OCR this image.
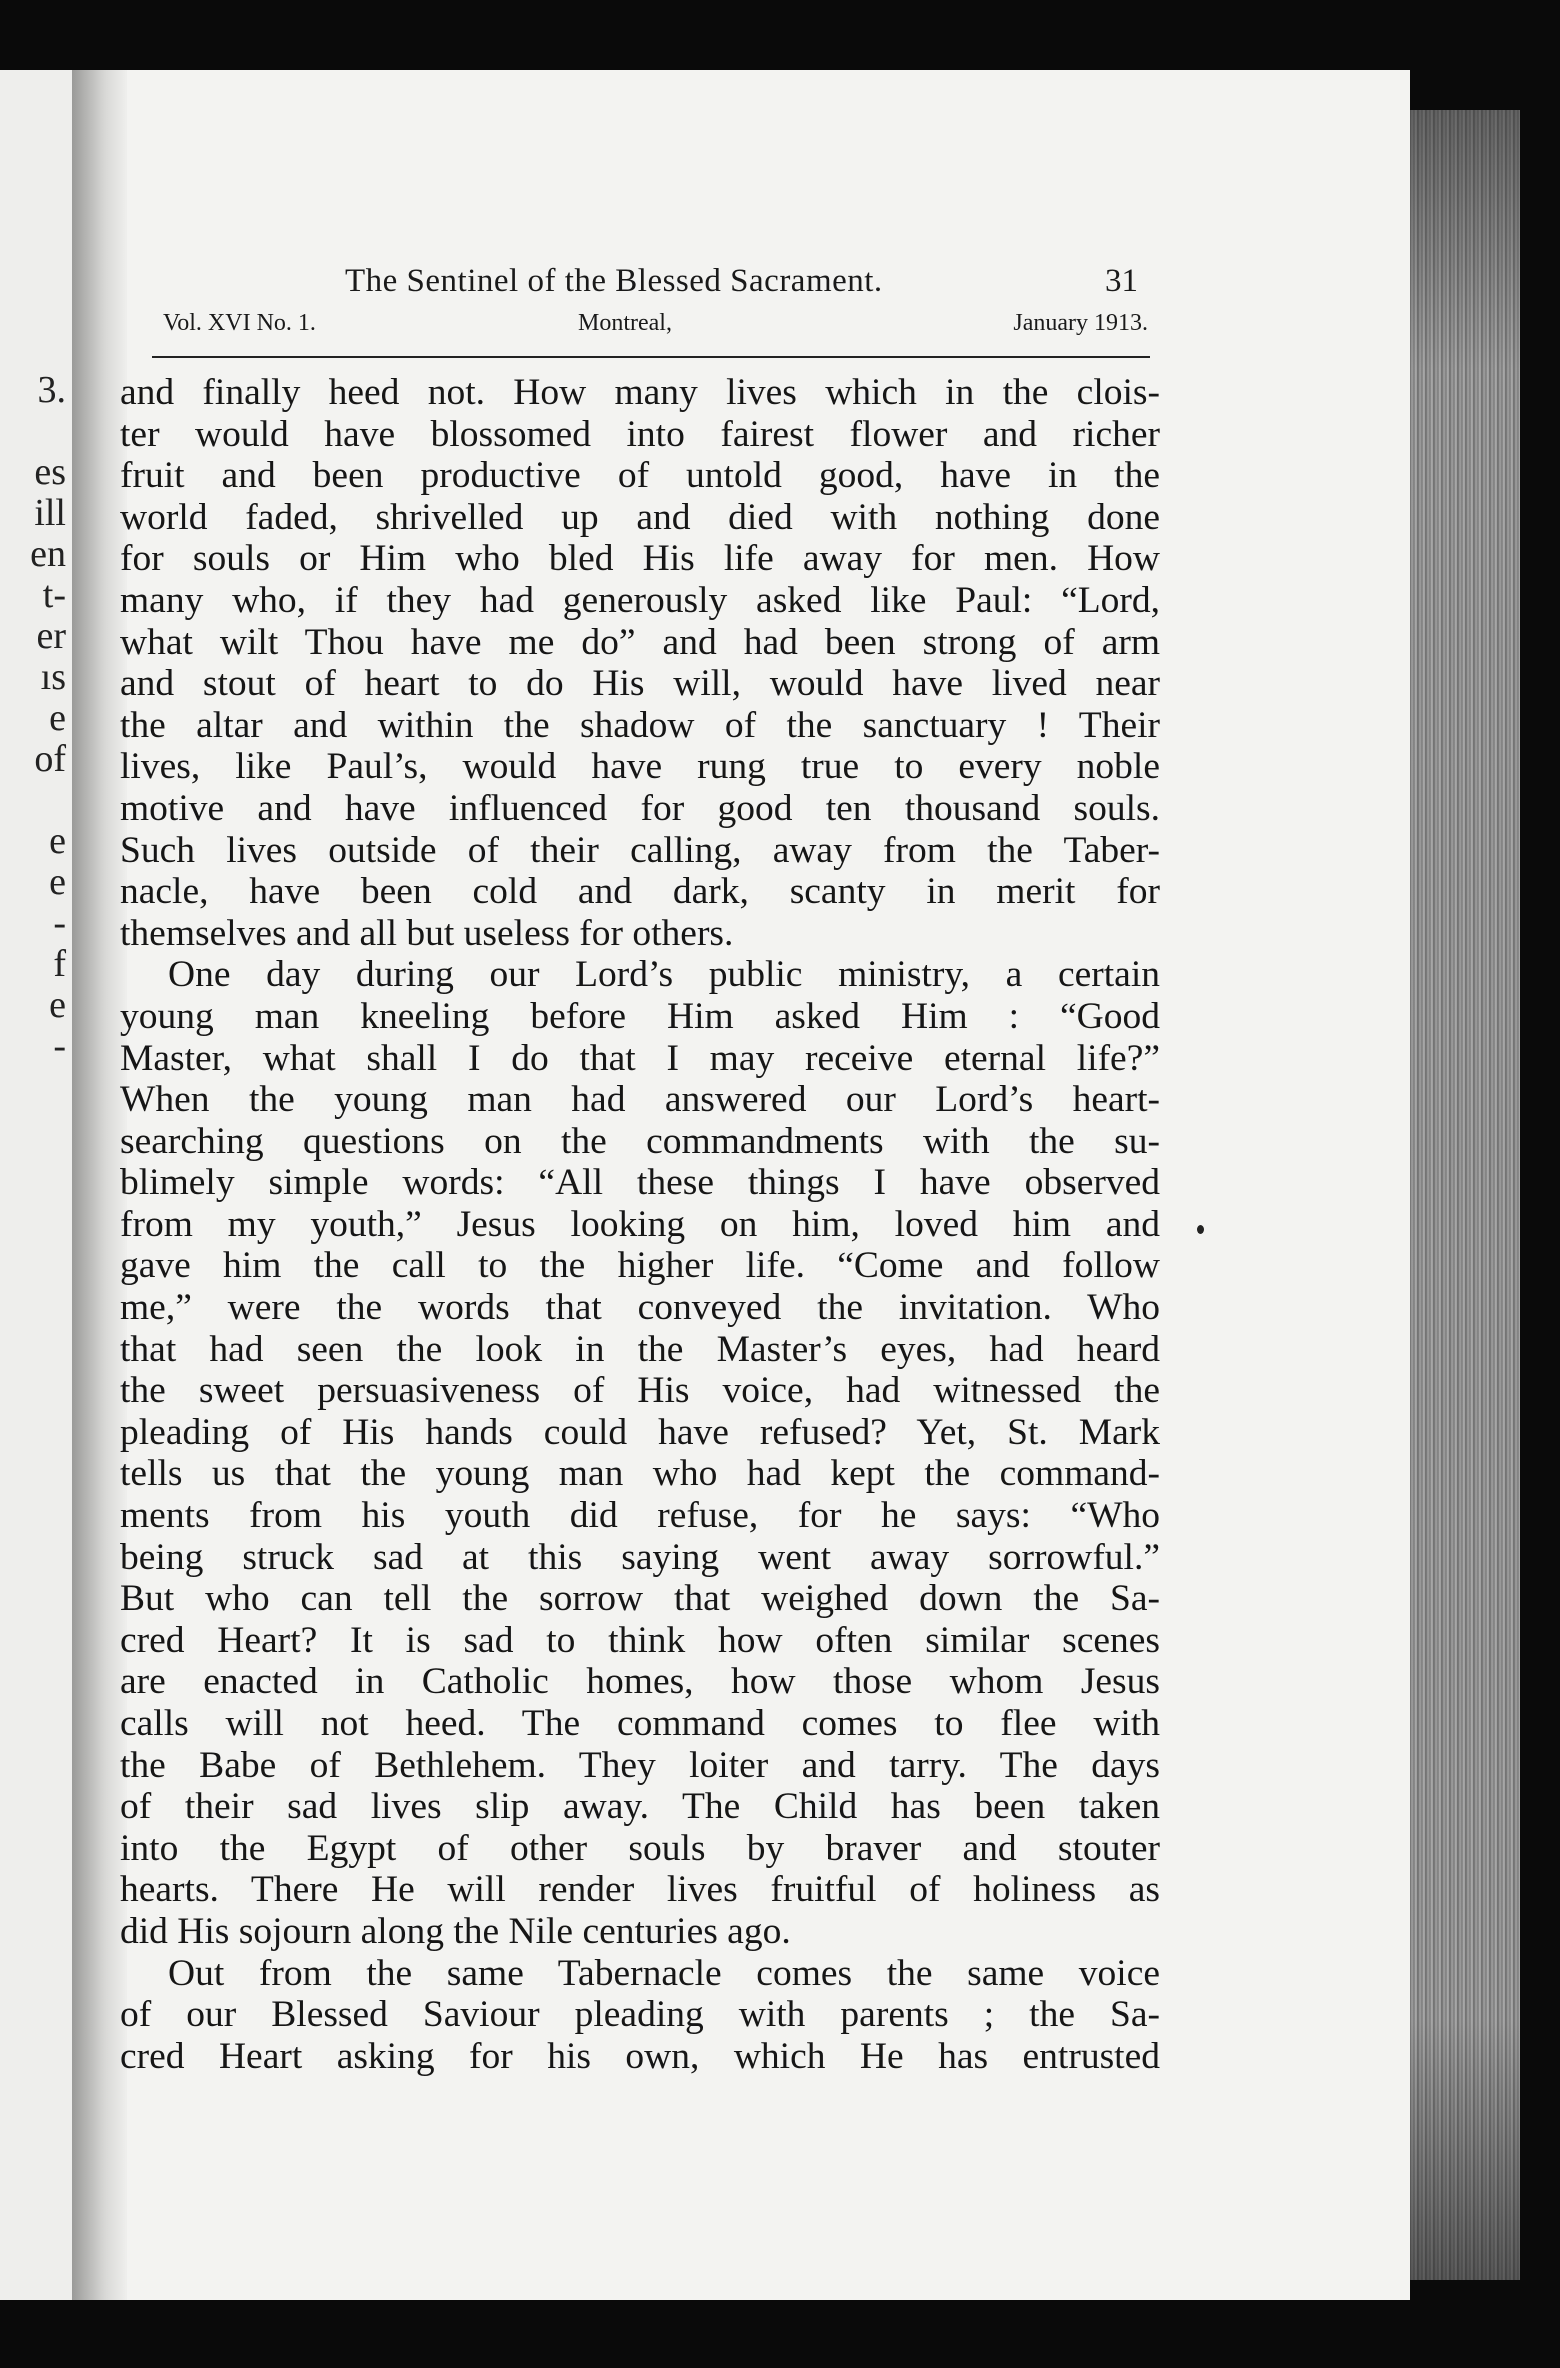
3.
es
ill
en
t-
er
ıs
e
of
e
e
-
f
e
-
The Sentinel of the Blessed Sacrament.	31
Vol. XVI No. 1.	Montreal,	January 1913.
and finally heed not. How many lives which in the clois-
ter would have blossomed into fairest flower and richer
fruit and been productive of untold good, have in the
world faded, shrivelled up and died with nothing done
for souls or Him who bled His life away for men. How
many who, if they had generously asked like Paul: “Lord,
what wilt Thou have me do” and had been strong of arm
and stout of heart to do His will, would have lived near
the altar and within the shadow of the sanctuary ! Their
lives, like Paul’s, would have rung true to every noble
motive and have influenced for good ten thousand souls.
Such lives outside of their calling, away from the Taber-
nacle, have been cold and dark, scanty in merit for
themselves and all but useless for others.
One day during our Lord’s public ministry, a certain
young man kneeling before Him asked Him : “Good
Master, what shall I do that I may receive eternal life?”
When the young man had answered our Lord’s heart-
searching questions on the commandments with the su-
blimely simple words: “All these things I have observed
from my youth,” Jesus looking on him, loved him and
gave him the call to the higher life. “Come and follow
me,” were the words that conveyed the invitation. Who
that had seen the look in the Master’s eyes, had heard
the sweet persuasiveness of His voice, had witnessed the
pleading of His hands could have refused? Yet, St. Mark
tells us that the young man who had kept the command-
ments from his youth did refuse, for he says: “Who
being struck sad at this saying went away sorrowful.”
But who can tell the sorrow that weighed down the Sa-
cred Heart? It is sad to think how often similar scenes
are enacted in Catholic homes, how those whom Jesus
calls will not heed. The command comes to flee with
the Babe of Bethlehem. They loiter and tarry. The days
of their sad lives slip away. The Child has been taken
into the Egypt of other souls by braver and stouter
hearts. There He will render lives fruitful of holiness as
did His sojourn along the Nile centuries ago.
Out from the same Tabernacle comes the same voice
of our Blessed Saviour pleading with parents ; the Sa-
cred Heart asking for his own, which He has entrusted
